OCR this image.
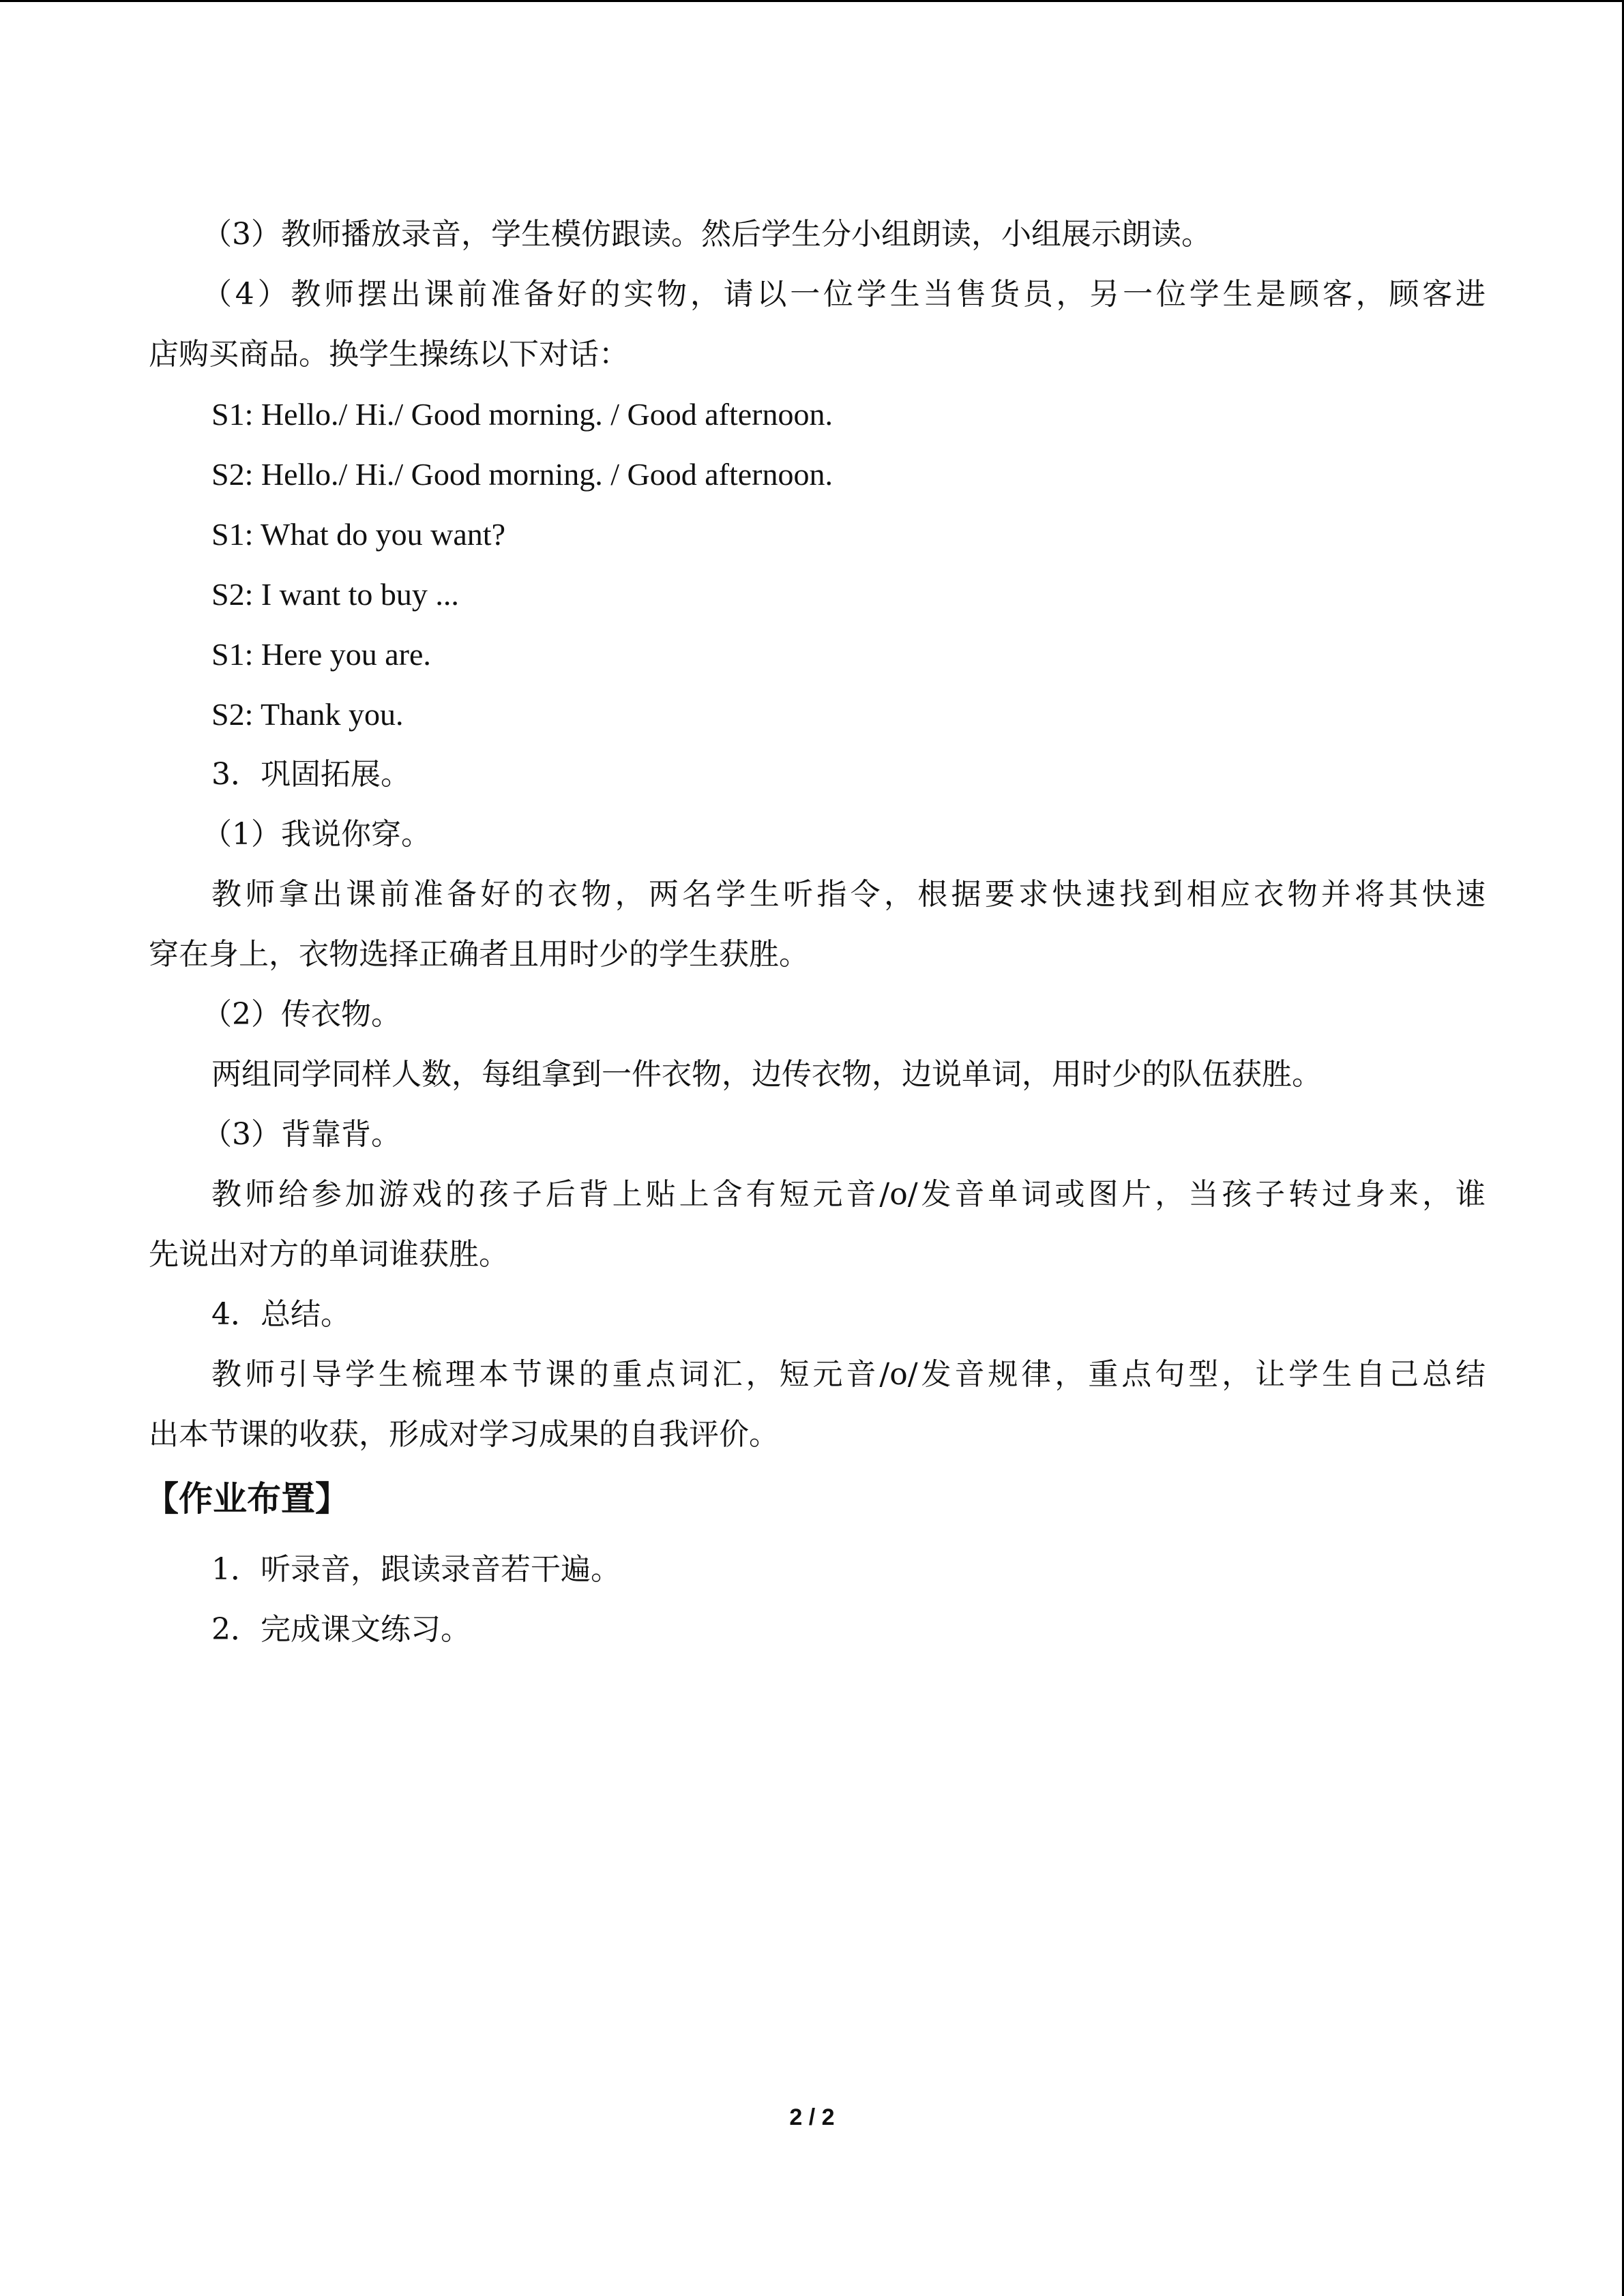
（3）教师播放录音，学生模仿跟读。然后学生分小组朗读，小组展示朗读。
（4）教师摆出课前准备好的实物，请以一位学生当售货员，另一位学生是顾客，顾客进
店购买商品。换学生操练以下对话：
S1: Hello./ Hi./ Good morning. / Good afternoon.
S2: Hello./ Hi./ Good morning. / Good afternoon.
S1: What do you want?
S2: I want to buy ...
S1: Here you are.
S2: Thank you.
3．巩固拓展。
（1）我说你穿。
教师拿出课前准备好的衣物，两名学生听指令，根据要求快速找到相应衣物并将其快速
穿在身上，衣物选择正确者且用时少的学生获胜。
（2）传衣物。
两组同学同样人数，每组拿到一件衣物，边传衣物，边说单词，用时少的队伍获胜。
（3）背靠背。
教师给参加游戏的孩子后背上贴上含有短元音/o/发音单词或图片，当孩子转过身来，谁
先说出对方的单词谁获胜。
4．总结。
教师引导学生梳理本节课的重点词汇，短元音/o/发音规律，重点句型，让学生自己总结
出本节课的收获，形成对学习成果的自我评价。
【作业布置】
1．听录音，跟读录音若干遍。
2．完成课文练习。
2 / 2
